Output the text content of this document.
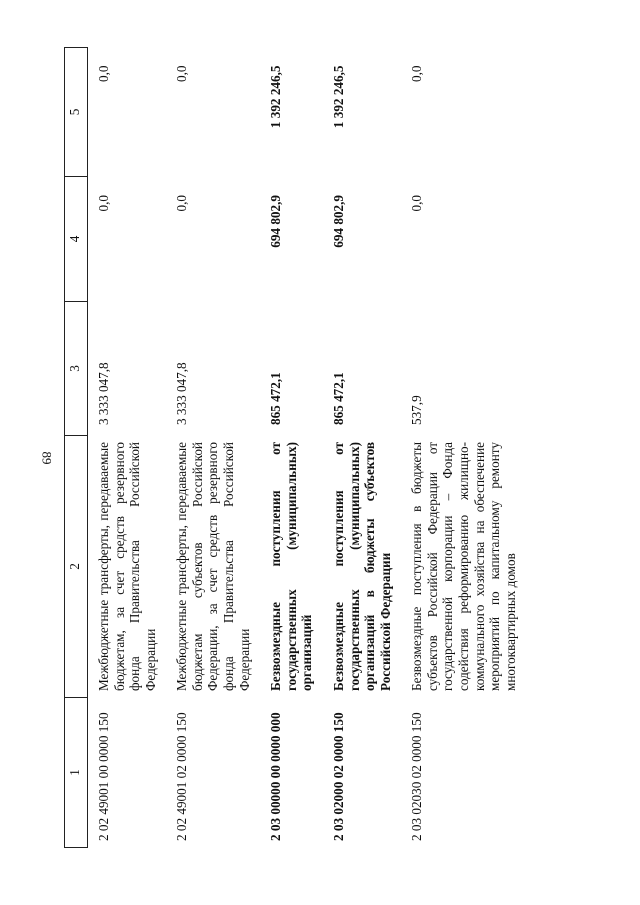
89
1	2	3	4	5
2 02 49001 00 0000 150	Межбюджетные трансферты, передаваемые бюджетам, за счет средств резервного фонда Правительства Российской Федерации	3 333 047,8	0,0	0,0
2 02 49001 02 0000 150	Межбюджетные трансферты, передаваемые бюджетам субъектов Российской Федерации, за счет средств резервного фонда Правительства Российской Федерации	3 333 047,8	0,0	0,0
2 03 00000 00 0000 000	Безвозмездные поступления от государственных (муниципальных) организаций	865 472,1	694 802,9	1 392 246,5
2 03 02000 02 0000 150	Безвозмездные поступления от государственных (муниципальных) организаций в бюджеты субъектов Российской Федерации	865 472,1	694 802,9	1 392 246,5
2 03 02030 02 0000 150	Безвозмездные поступления в бюджеты субъектов Российской Федерации от государственной корпорации – Фонда содействия реформированию жилищно-коммунального хозяйства на обеспечение мероприятий по капитальному ремонту многоквартирных домов	537,9	0,0	0,0
